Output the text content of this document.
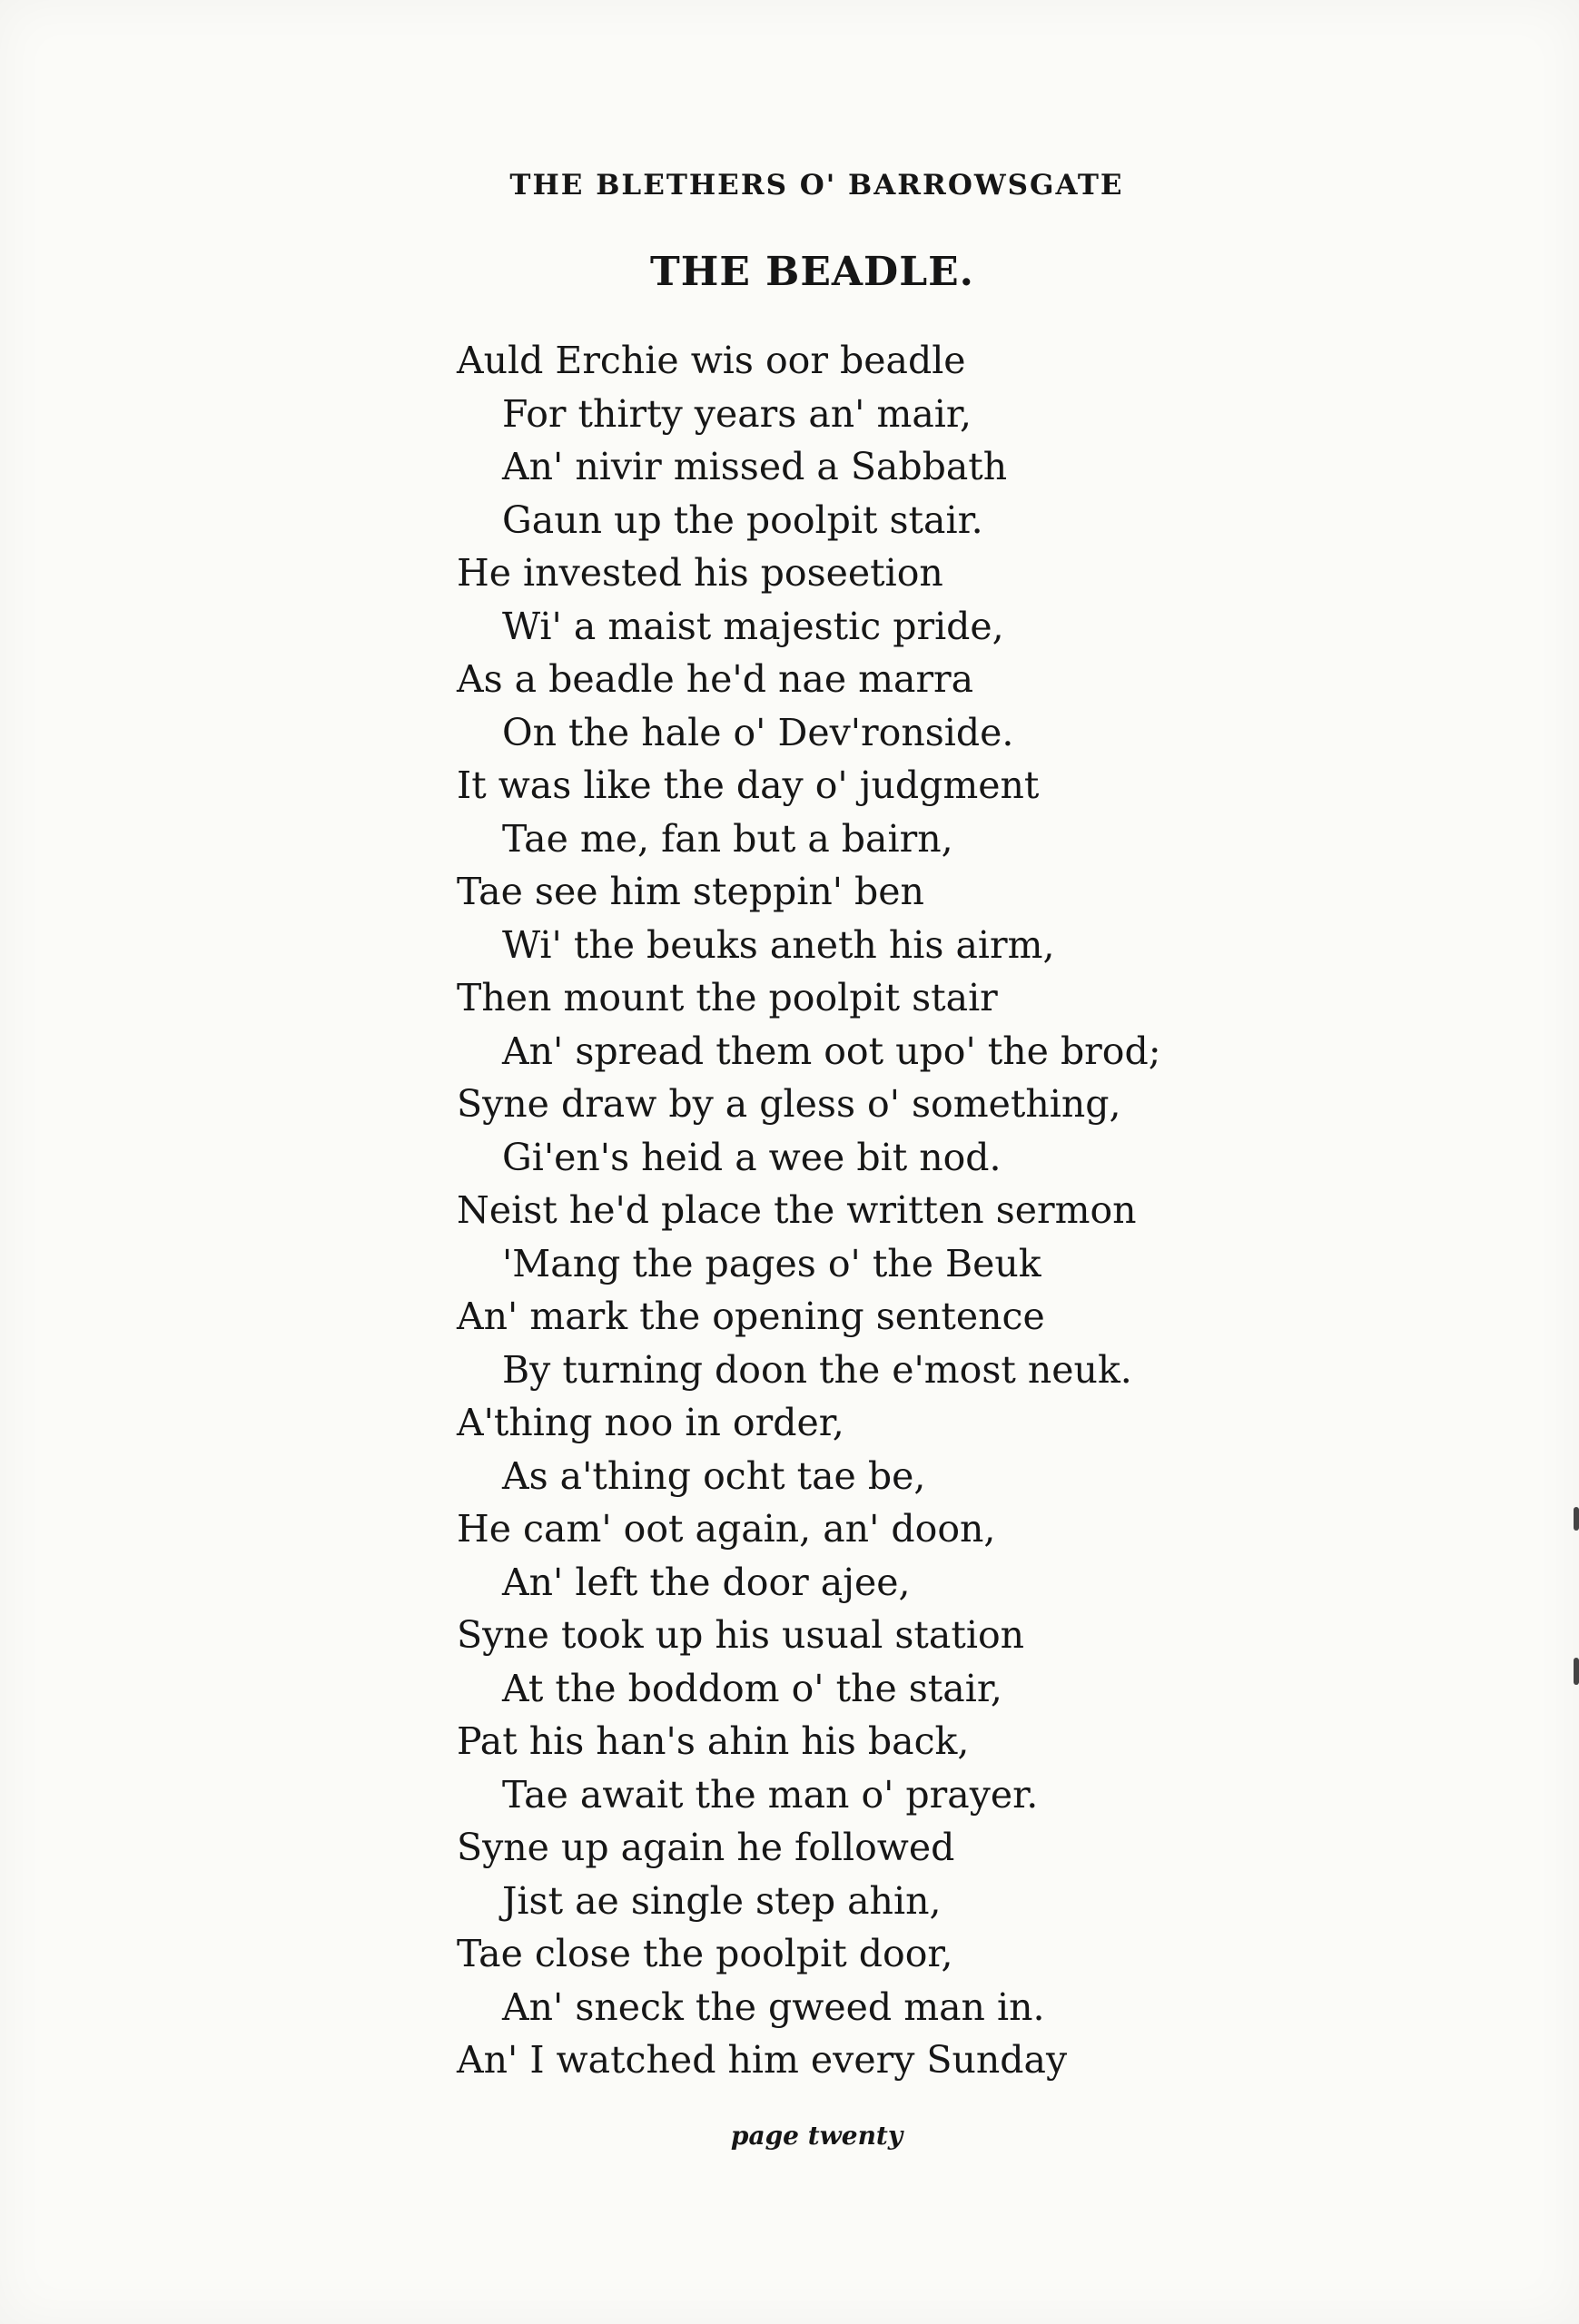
THE BLETHERS O' BARROWSGATE
THE BEADLE.
Auld Erchie wis oor beadle
For thirty years an' mair,
An' nivir missed a Sabbath
Gaun up the poolpit stair.
He invested his poseetion
Wi' a maist majestic pride,
As a beadle he'd nae marra
On the hale o' Dev'ronside.
It was like the day o' judgment
Tae me, fan but a bairn,
Tae see him steppin' ben
Wi' the beuks aneth his airm,
Then mount the poolpit stair
An' spread them oot upo' the brod;
Syne draw by a gless o' something,
Gi'en's heid a wee bit nod.
Neist he'd place the written sermon
'Mang the pages o' the Beuk
An' mark the opening sentence
By turning doon the e'most neuk.
A'thing noo in order,
As a'thing ocht tae be,
He cam' oot again, an' doon,
An' left the door ajee,
Syne took up his usual station
At the boddom o' the stair,
Pat his han's ahin his back,
Tae await the man o' prayer.
Syne up again he followed
Jist ae single step ahin,
Tae close the poolpit door,
An' sneck the gweed man in.
An' I watched him every Sunday
page twenty
